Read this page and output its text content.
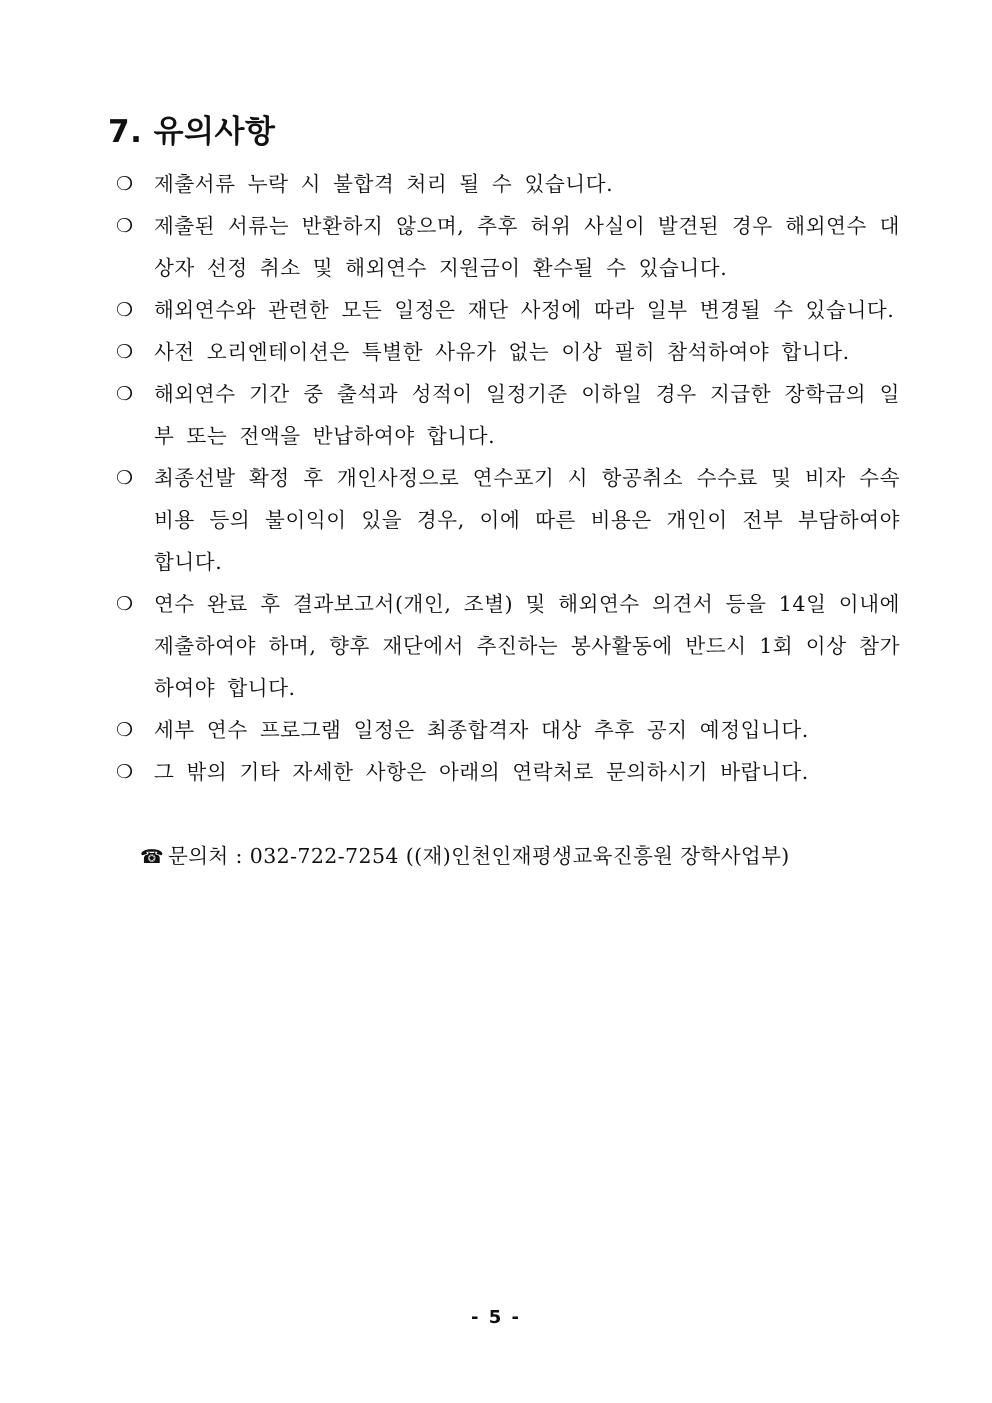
7. 유의사항
❍ 제출서류 누락 시 불합격 처리 될 수 있습니다.
❍ 제출된 서류는 반환하지 않으며, 추후 허위 사실이 발견된 경우 해외연수 대상자 선정 취소 및 해외연수 지원금이 환수될 수 있습니다.
❍ 해외연수와 관련한 모든 일정은 재단 사정에 따라 일부 변경될 수 있습니다.
❍ 사전 오리엔테이션은 특별한 사유가 없는 이상 필히 참석하여야 합니다.
❍ 해외연수 기간 중 출석과 성적이 일정기준 이하일 경우 지급한 장학금의 일부 또는 전액을 반납하여야 합니다.
❍ 최종선발 확정 후 개인사정으로 연수포기 시 항공취소 수수료 및 비자 수속 비용 등의 불이익이 있을 경우, 이에 따른 비용은 개인이 전부 부담하여야 합니다.
❍ 연수 완료 후 결과보고서(개인, 조별) 및 해외연수 의견서 등을 14일 이내에 제출하여야 하며, 향후 재단에서 추진하는 봉사활동에 반드시 1회 이상 참가하여야 합니다.
❍ 세부 연수 프로그램 일정은 최종합격자 대상 추후 공지 예정입니다.
❍ 그 밖의 기타 자세한 사항은 아래의 연락처로 문의하시기 바랍니다.
☎ 문의처 : 032-722-7254 ((재)인천인재평생교육진흥원 장학사업부)
- 5 -
